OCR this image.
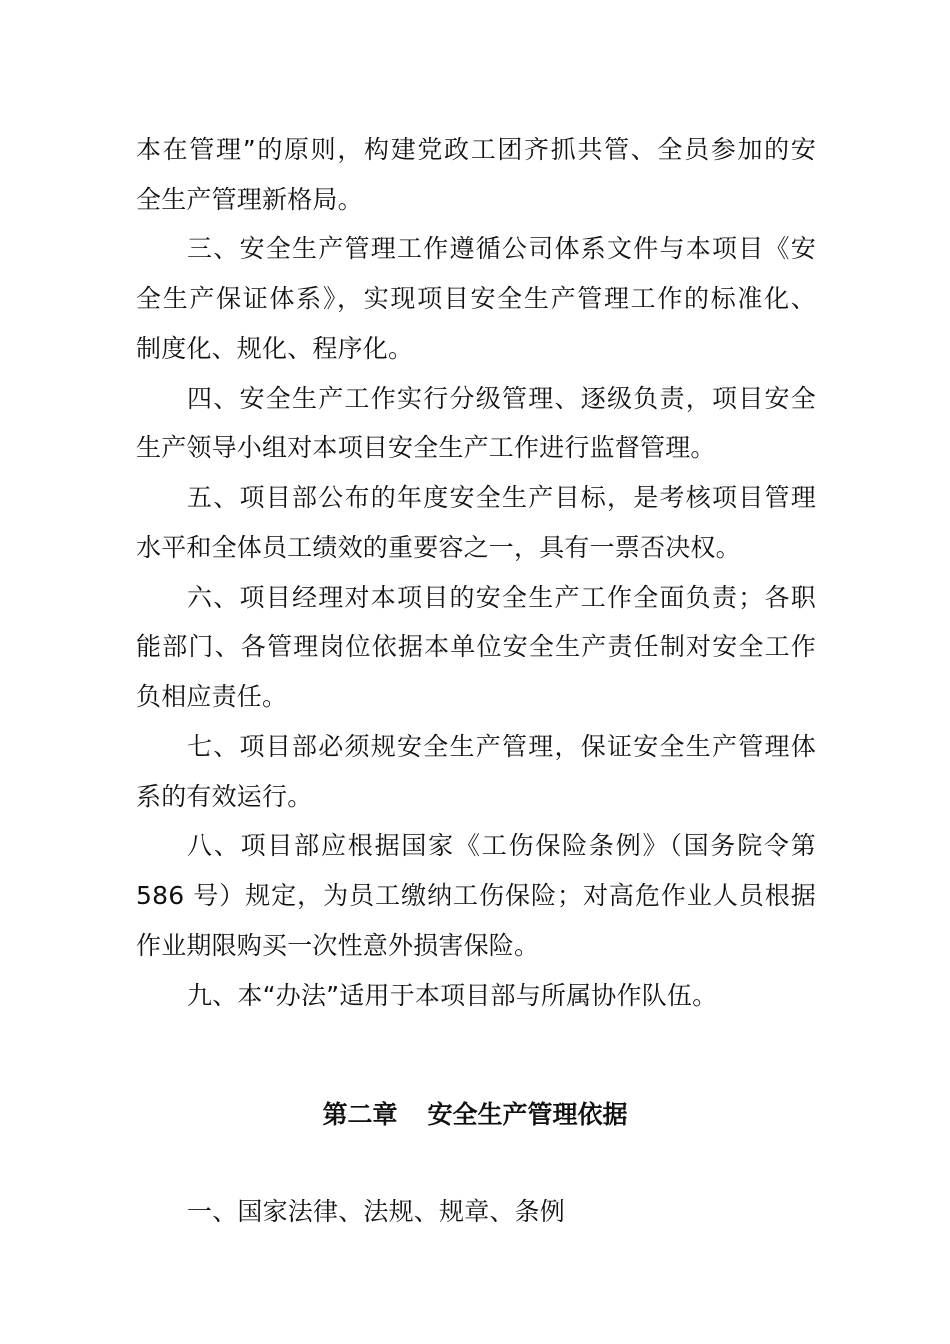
本在管理”的原则，构建党政工团齐抓共管、全员参加的安
全生产管理新格局。
三、安全生产管理工作遵循公司体系文件与本项目《安
全生产保证体系》，实现项目安全生产管理工作的标准化、
制度化、规化、程序化。
四、安全生产工作实行分级管理、逐级负责，项目安全
生产领导小组对本项目安全生产工作进行监督管理。
五、项目部公布的年度安全生产目标，是考核项目管理
水平和全体员工绩效的重要容之一，具有一票否决权。
六、项目经理对本项目的安全生产工作全面负责；各职
能部门、各管理岗位依据本单位安全生产责任制对安全工作
负相应责任。
七、项目部必须规安全生产管理，保证安全生产管理体
系的有效运行。
八、项目部应根据国家《工伤保险条例》（国务院令第
586 号）规定，为员工缴纳工伤保险；对高危作业人员根据
作业期限购买一次性意外损害保险。
九、本“办法”适用于本项目部与所属协作队伍。
第二章 安全生产管理依据
一、国家法律、法规、规章、条例
